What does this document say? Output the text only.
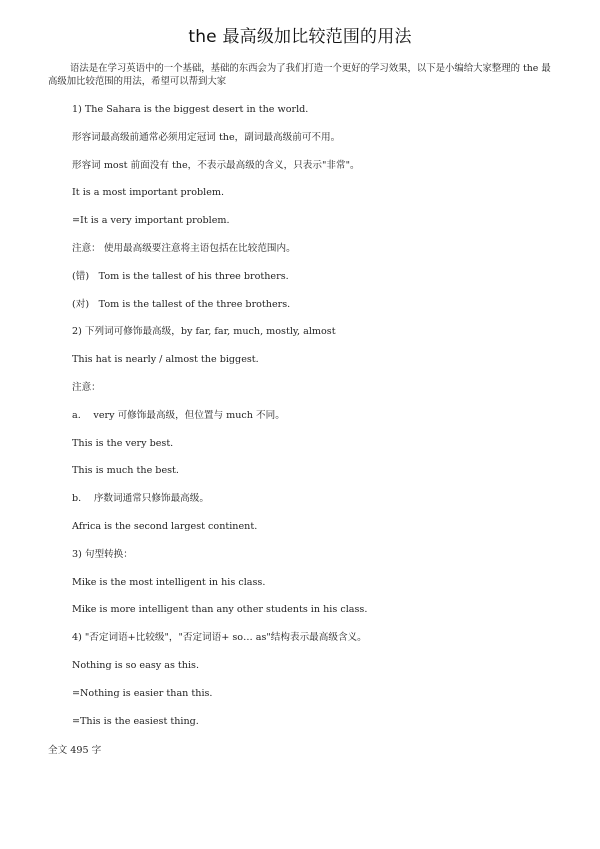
the 最高级加比较范围的用法

语法是在学习英语中的一个基础，基础的东西会为了我们打造一个更好的学习效果，以下是小编给大家整理的 the 最高级加比较范围的用法，希望可以帮到大家

1) The Sahara is the biggest desert in the world.
形容词最高级前通常必须用定冠词 the，副词最高级前可不用。
形容词 most 前面没有 the，不表示最高级的含义，只表示"非常"。
It is a most important problem.
=It is a very important problem.
注意： 使用最高级要注意将主语包括在比较范围内。
(错)　Tom is the tallest of his three brothers.
(对)　Tom is the tallest of the three brothers.
2) 下列词可修饰最高级，by far, far, much, mostly, almost
This hat is nearly / almost the biggest.
注意：
a.　 very 可修饰最高级，但位置与 much 不同。
This is the very best.
This is much the best.
b.　 序数词通常只修饰最高级。
Africa is the second largest continent.
3) 句型转换：
Mike is the most intelligent in his class.
Mike is more intelligent than any other students in his class.
4) "否定词语+比较级"，"否定词语+ so… as"结构表示最高级含义。
Nothing is so easy as this.
=Nothing is easier than this.
=This is the easiest thing.

全文 495 字
